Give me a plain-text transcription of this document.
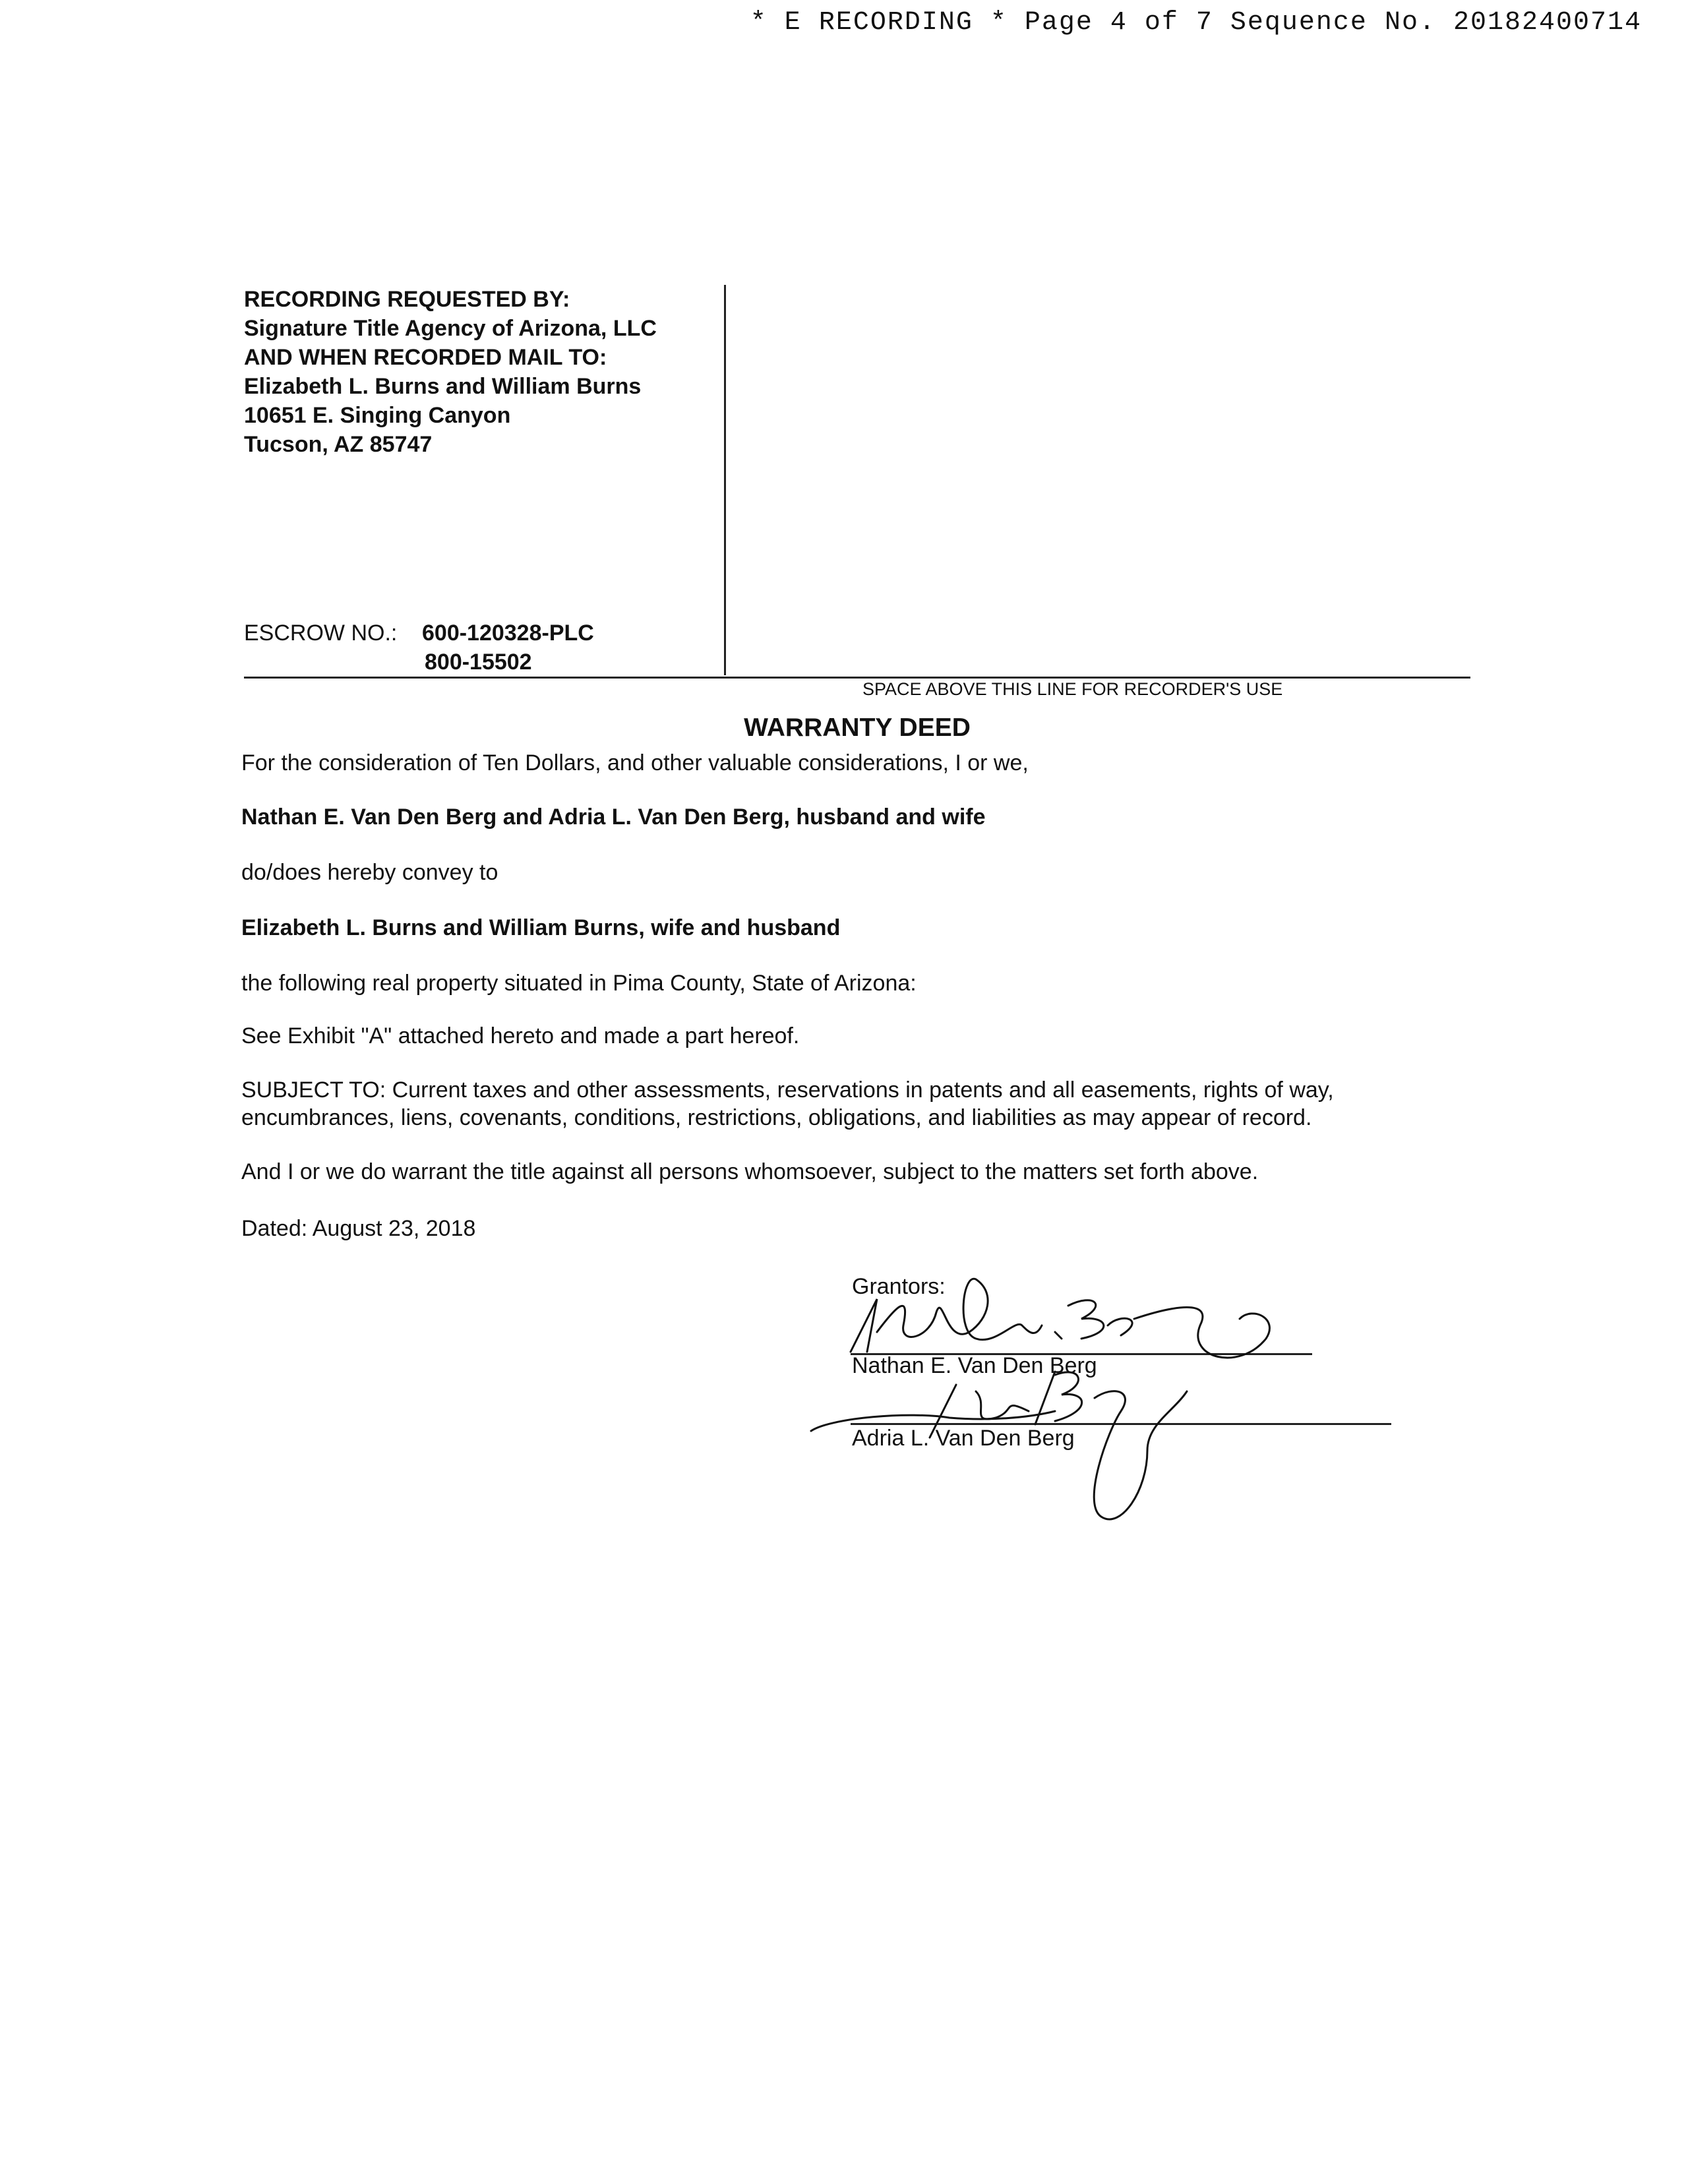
* E RECORDING * Page 4 of 7 Sequence No. 20182400714
RECORDING REQUESTED BY:
Signature Title Agency of Arizona, LLC
AND WHEN RECORDED MAIL TO:
Elizabeth L. Burns and William Burns
10651 E. Singing Canyon
Tucson, AZ 85747
ESCROW NO.: 600-120328-PLC
800-15502
SPACE ABOVE THIS LINE FOR RECORDER'S USE
WARRANTY DEED
For the consideration of Ten Dollars, and other valuable considerations, I or we,
Nathan E. Van Den Berg and Adria L. Van Den Berg, husband and wife
do/does hereby convey to
Elizabeth L. Burns and William Burns, wife and husband
the following real property situated in Pima County, State of Arizona:
See Exhibit "A" attached hereto and made a part hereof.
SUBJECT TO: Current taxes and other assessments, reservations in patents and all easements, rights of way,
encumbrances, liens, covenants, conditions, restrictions, obligations, and liabilities as may appear of record.
And I or we do warrant the title against all persons whomsoever, subject to the matters set forth above.
Dated: August 23, 2018
Grantors:
Nathan E. Van Den Berg
Adria L. Van Den Berg
